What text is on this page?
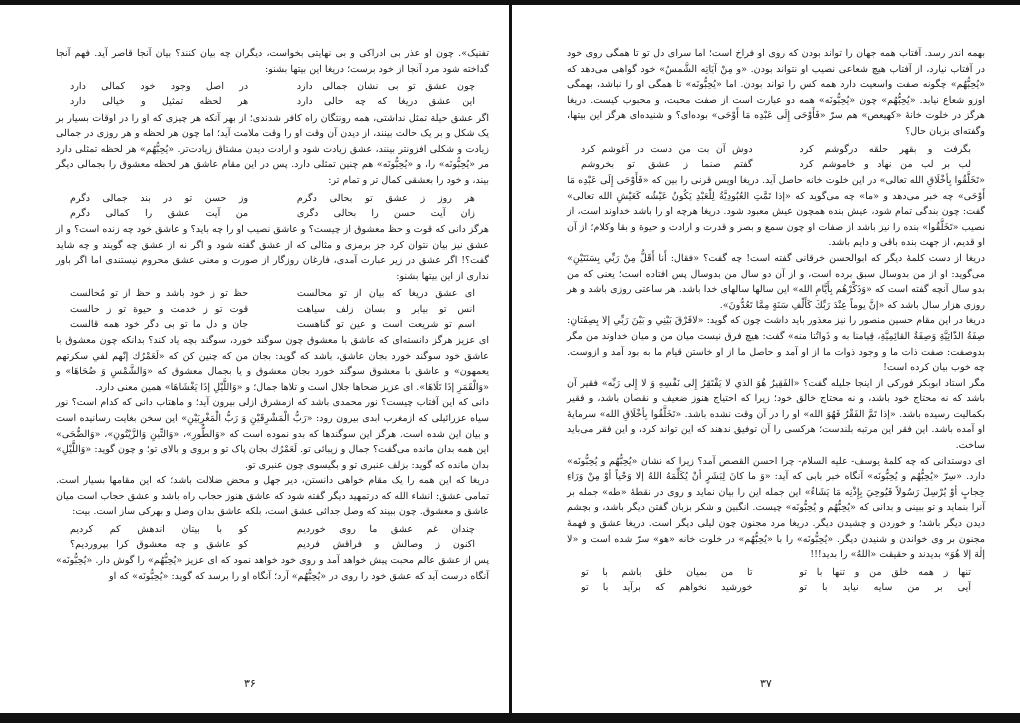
تفنیک». چون او عذر بی ادراکی و بی نهایتی بخواست، دیگران چه بیان کنند؟ بیان آنجا قاصر آید. فهم آنجا گداخته شود مرد آنجا از خود برست؛ دریغا این بیتها بشنو:

چون عشق تو بی نشان جمالی دارد
در اصل وجود خود کمالی دارد
این عشق دریغا که چه حالی دارد
هر لحظه تمثیل و خیالی دارد

اگر عشق حیلة تمثل نداشتی، همه رونتگان راه کافر شدندی؛ از بهر آنکه هر چیزی که او را در اوقات بسیار بر یک شکل و بر یک حالت بینند، از دیدن آن وقت او را وقت ملامت آید؛ اما چون هر لحظه و هر روزی در جمالی زیادت و شکلی افزونتر بینند، عشق زیادت شود و ارادت دیدن مشتاق زیادت‌تر. «یُحِبُّهُم» هر لحظه تمثلی دارد مر «یُحِبُّونَه» را، و «یُحِبُّونَه» هم چنین تمثلی دارد. پس در این مقام عاشق هر لحظه معشوق را بجمالی دیگر بیند، و خود را بعشقی کمال تر و تمام تر:

هر روز ز عشق تو بحالی دگرم
وز حسن تو در بند جمالی دگرم
زان آیت حسن را بحالی دگری
من آیت عشق را کمالی دگرم

هرگز دانی که قوت و حظ معشوق از چیست؟ و عاشق نصیب او را چه باید؟ و عاشق خود چه زنده است؟ و از عشق نیز بیان نتوان کرد جز برمزی و مثالی که از عشق گفته شود و اگر نه از عشق چه گویند و چه شاید گفت؟! اگر عشق در زیر عبارت آمدی، فارغان روزگار از صورت و معنی عشق محروم نیستندی اما اگر باور نداری از این بیتها بشنو:

ای عشق دریغا که بیان از تو محالست
حظ تو ز خود باشد و حظ از تو مُحالست
انس تو بیابر و بسان زلف سیاهت
قوت تو ز خدمت و حیوة تو ز حالست
اسم تو شریعت است و عین تو گناهست
جان و دل ما تو بی دگر خود همه قالست

ای عزیز هرگز دانسته‌ای که عاشق با معشوق چون سوگند خورد، سوگند بچه یاد کند؟ بدانکه چون معشوق با عاشق خود سوگند خورد بجان عاشق، باشد که گوید: بجان من که چنین کن که «لَعَمْرُك إنّهم لفي سكرتهم يعمهون» و عاشق با معشوق سوگند خورد بجان معشوق و یا بجمال معشوق که «وَالشَّمْسِ وَ ضُحَاهَا» و «وَالْقَمَرِ إذَا تَلَاهَا». ای عزیز ضحاها جلال است و تلاها جمال؛ و «وَاللَّيْلِ إذَا يَغْشَاهَا» همین معنی دارد.

دانی که این آفتاب چیست؟ نور محمدی باشد که ازمشرق ازلی بیرون آید؛ و ماهتاب دانی که کدام است؟ نور سیاه عزرائیلی که ازمغرب ابدی بیرون رود: «رَبُّ الْمَشْرِقَيْنِ وَ رَبُّ الْمَغْرِبَيْنِ» این سخن بغایت رسانیده است و بیان این شده است. هرگز این سوگندها که بدو نموده است که «وَالطُّورِ»، «وَالتِّينِ وَالزَّيْتُونِ»، «وَالضُّحَى» این همه بدان مانده می‌گفت؟ جمال و زیبائی تو. لَعَمْرُك بجان پاک تو و بروی و بالای تو؛ و چون گوید: «وَاللَّيْلِ» بدان مانده که گوید: بزلف عنبری تو و بگیسوی چون عنبری تو.

دریغا که این همه را یک مقام خواهی دانستن، دیر جهل و محض ضلالت باشد؛ که این مقامها بسیار است. تمامی عشق: انشاء الله که درتمهید دیگر گفته شود که عاشق هنوز حجاب راه باشد و عشق حجاب است میان عاشق و معشوق. چون ببیند که وصل جدائی عشق است، بلکه عاشق بدان وصل و بهرکی ساز است. بیت:

چندان غم عشق ما روی خوردیم
کو با بیتان اندهش کم کردیم
اکنون ز وصالش و فراقش فردیم
کو عاشق و چه معشوق کرا بپروردیم؟

پس از عشق عالم محبت پیش خواهد آمد و روی خود خواهد نمود که ای عزیز «یُحِبُّهُم» را گوش دار. «یُحِبُّونَه» آنگاه درست آید که عشق خود را روی در «یُحِبُّهُم» آرد؛ آنگاه او را برسد که گوید: «یُحِبُّونَه» که او

بهمه اندر رسد. آفتاب همه جهان را تواند بودن که روی او فراخ است؛ اما سرای دل تو تا همگی روی خود در آفتاب نیارد، از آفتاب هیچ شعاعی نصیب او نتواند بودن. «و مِنْ آیَاتِه الشَّمسُ» خود گواهی می‌دهد که «یُحِبُّهُم» چگونه صفت واسعیت دارد همه کس را تواند بودن. اما «یُحِبُّونَه» تا همگی او را نباشد، بهمگی اوزو شعاع نیابد. «یُحِبُّهُم» چون «یُحِبُّونَه» همه دو عبارت است از صفت محبت، و محبوب کیست. دریغا هرگز در خلوت خانهٔ «کهیعص» هم سرّ «فَأَوْحَى إِلَى عَبْدِه مَا أَوْحَى» بوده‌ای؟ و شنیده‌ای هرگز این بیتها، وگفته‌ای بزبان حال؟

بگرفت و بقهر حلقه درگوشم کرد
دوش آن بت من دست در آغوشم کرد
لب بر لب من نهاد و خاموشم کرد
گفتم صنما ز عشق تو بخروشم

«تَخَلَّقُوا بِأخْلَاقِ الله تعالى» در این خلوت خانه حاصل آید. دریغا اویس قرنی را بین که «فَأَوْحَى إِلَى عَبْدِه مَا أَوْحَى» چه خبر می‌دهد و «ما» چه می‌گوید که «إذا تَمَّتِ العُبُودِيَّةُ لِلْعَبْدِ يَكُونُ عَيْشُه كَعَيْشِ الله تعالى» گفت: چون بندگی تمام شود، عیش بنده همچون عیش معبود شود. دریغا هرچه او را باشد خداوند است، از نصیب «تَخَلَّقُوا» بنده را نیز باشد از صفات او چون سمع و بصر و قدرت و ارادت و حیوة و بقا وکلام؛ از آن او قدیم، از جهت بنده باقی و دایم باشد.

دریغا از دست کلمهٔ دیگر که ابوالحسن خرقانی گفته است! چه گفت؟ «فقال: أَنا أَقَلُّ مِنْ رَبِّي بِسَنَتَيْنِ» می‌گوید: او از من بدوسال سبق برده است، و از آن دو سال من بدوسال پس افتاده است؛ یعنی که من بدو سال آنچه گفته است که «وَذَكِّرْهُم بِأَيَّامِ الله» این سالها سالهای خدا باشد. هر ساعتی روزی باشد و هر روزی هزار سال باشد که «إنَّ يوماً عِنْدَ رَبِّكَ كَأَلْفِ سَنَةٍ مِمَّا تَعُدُّونَ».

دریغا در این مقام حسین منصور را نیز معذور باید داشت چون که گوید: «لافَرْقَ بَيْنِي و بَيْنَ رَبِّي إلا بِصِفَتانِ: صِفَةُ الذّاتِيَّةِ وَصِفَةُ القائِمِيَّةِ، قِيامنا به و ذَواتُنا منه» گفت: هیچ فرق نیست میان من و میان خداوند من مگر بدوصفت: صفت ذات ما و وجود ذوات ما از او آمد و حاصل ما از او خاستن قیام ما به بود آمد و ازوست. چه خوب بیان کرده است!

مگر استاد ابوبکر فورکی از اینجا جلیله گفت؟ «الفَقِيرُ هُوَ الذي لا يَفْتَقِرُ إِلى نَفْسِهِ وَ لا إِلى رَبِّه» فقیر آن باشد که نه محتاج خود باشد، و نه محتاج خالق خود؛ زیرا که احتیاج هنوز ضعیف و نقصان باشد، و فقیر بکمالیت رسیده باشد. «إذا تَمَّ الفَقْرُ فَهُوَ الله» او را در آن وقت نشده باشد. «تَخَلَّقُوا بِأخْلَاقِ الله» سرمایهٔ او آمده باشد. این فقر این مرتبه بلندست؛ هرکسی را آن توفیق ندهند که این تواند کرد، و این فقر می‌باید ساخت.

ای دوستدانی که چه کلمهٔ یوسف- علیه السلام- چرا احسن القصص آمد؟ زیرا که نشان «یُحِبُّهُم و یُحِبُّونَه» دارد. «سِرّ «یُحِبُّهُم و یُحِبُّونَه» آنگاه خبر بابی که آید: «وَ ما كانَ لِبَشَرٍ أنْ يُكَلِّمَهُ اللهُ إلا وَحْياً أوْ مِنْ وَرَاءِ حِجابٍ أوْ يُرْسِلَ رَسُولاً فَيُوحِيَ بِإِذْنِه مَا يَشَاءُ» این جمله این را بیان نماید و روی در نقطهٔ «طه» جمله بر آنرا بنماید و تو ببینی و بدانی که «یُحِبُّهُم و یُحِبُّونَه» چیست. انگبین و شکر بزبان گفتن دیگر باشد، و بچشم دیدن دیگر باشد؛ و خوردن و چشیدن دیگر. دریغا مرد مجنون چون لیلی دیگر است. دریغا عشق و فهمهٔ مجنون بر وی خواندن و شنیدن دیگر. «یُحِبُّونَه» را با «یُحِبُّهُم» در خلوت خانه «هو» سرّ شده است و «لا إلٰهَ إلا هُوَ» بدیدند و حقیقت «اللهُ» را بدید!!!

تنها ز همه خلق من و تنها با تو
تا من بمیان خلق باشم با تو
آیی بر من سایه نیاید با تو
خورشید نخواهم که برآید با تو
۳۶	۳۷
